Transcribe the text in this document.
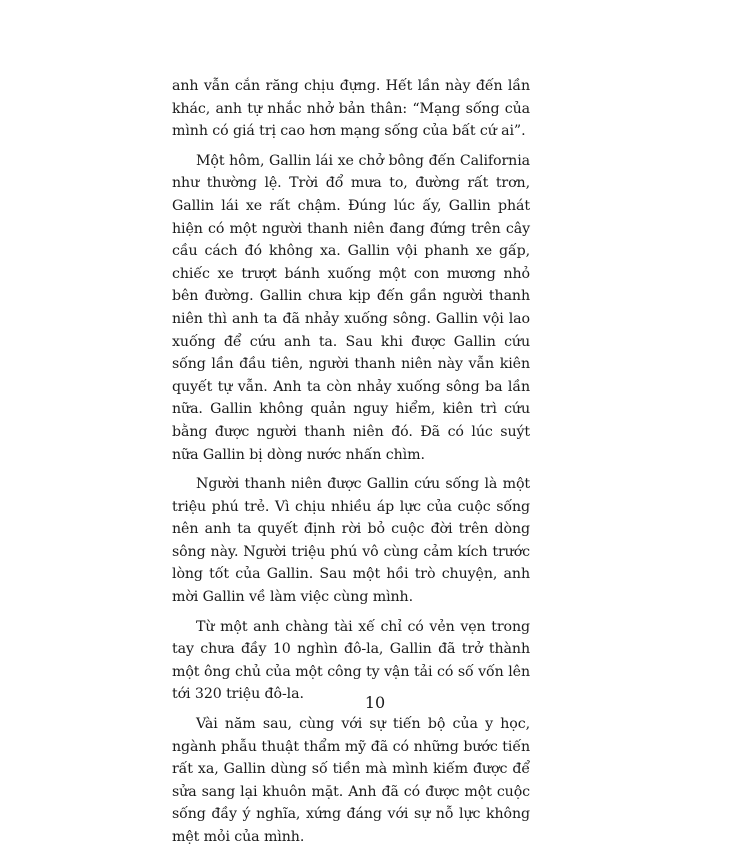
anh vẫn cắn răng chịu đựng. Hết lần này đến lần khác, anh tự nhắc nhở bản thân: “Mạng sống của mình có giá trị cao hơn mạng sống của bất cứ ai”.

Một hôm, Gallin lái xe chở bông đến California như thường lệ. Trời đổ mưa to, đường rất trơn, Gallin lái xe rất chậm. Đúng lúc ấy, Gallin phát hiện có một người thanh niên đang đứng trên cây cầu cách đó không xa. Gallin vội phanh xe gấp, chiếc xe trượt bánh xuống một con mương nhỏ bên đường. Gallin chưa kịp đến gần người thanh niên thì anh ta đã nhảy xuống sông. Gallin vội lao xuống để cứu anh ta. Sau khi được Gallin cứu sống lần đầu tiên, người thanh niên này vẫn kiên quyết tự vẫn. Anh ta còn nhảy xuống sông ba lần nữa. Gallin không quản nguy hiểm, kiên trì cứu bằng được người thanh niên đó. Đã có lúc suýt nữa Gallin bị dòng nước nhấn chìm.

Người thanh niên được Gallin cứu sống là một triệu phú trẻ. Vì chịu nhiều áp lực của cuộc sống nên anh ta quyết định rời bỏ cuộc đời trên dòng sông này. Người triệu phú vô cùng cảm kích trước lòng tốt của Gallin. Sau một hồi trò chuyện, anh mời Gallin về làm việc cùng mình.

Từ một anh chàng tài xế chỉ có vẻn vẹn trong tay chưa đầy 10 nghìn đô-la, Gallin đã trở thành một ông chủ của một công ty vận tải có số vốn lên tới 320 triệu đô-la.

Vài năm sau, cùng với sự tiến bộ của y học, ngành phẫu thuật thẩm mỹ đã có những bước tiến rất xa, Gallin dùng số tiền mà mình kiếm được để sửa sang lại khuôn mặt. Anh đã có được một cuộc sống đầy ý nghĩa, xứng đáng với sự nỗ lực không mệt mỏi của mình.

10
